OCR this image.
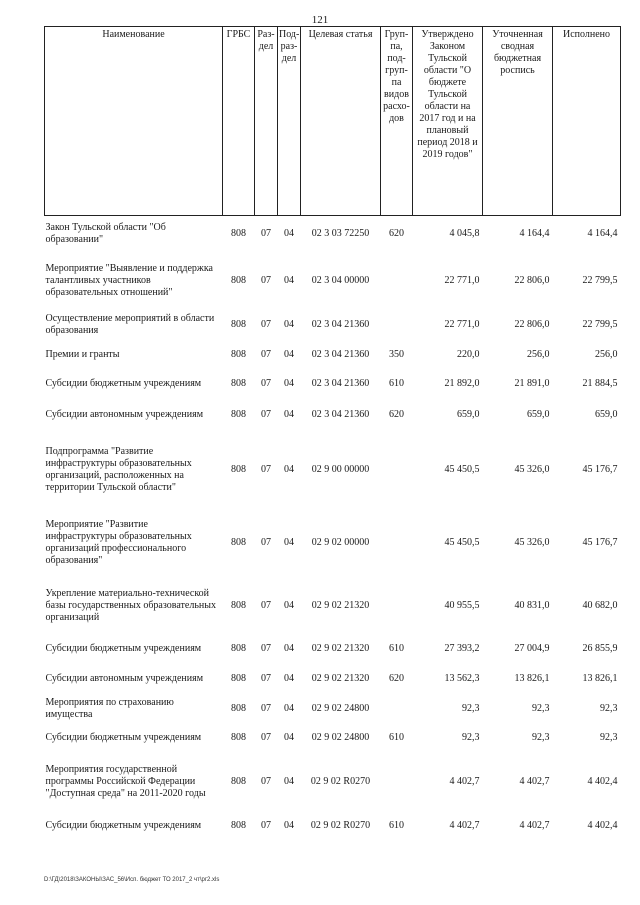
121
Наименование	ГРБС	Раз-дел	Под-раз-дел	Целевая статья	Груп-па, под-груп-па видов расхо-дов	Утверждено Законом Тульской области "О бюджете Тульской области на 2017 год и на плановый период 2018 и 2019 годов"	Уточненная сводная бюджетная роспись	Исполнено
Закон Тульской области "Об образовании"	808	07	04	02 3 03 72250	620	4 045,8	4 164,4	4 164,4
Мероприятие "Выявление и поддержка талантливых участников образовательных отношений"	808	07	04	02 3 04 00000		22 771,0	22 806,0	22 799,5
Осуществление мероприятий в области образования	808	07	04	02 3 04 21360		22 771,0	22 806,0	22 799,5
Премии и гранты	808	07	04	02 3 04 21360	350	220,0	256,0	256,0
Субсидии бюджетным учреждениям	808	07	04	02 3 04 21360	610	21 892,0	21 891,0	21 884,5
Субсидии автономным учреждениям	808	07	04	02 3 04 21360	620	659,0	659,0	659,0
Подпрограмма "Развитие инфраструктуры образовательных организаций, расположенных на территории Тульской области"	808	07	04	02 9 00 00000		45 450,5	45 326,0	45 176,7
Мероприятие "Развитие инфраструктуры образовательных организаций профессионального образования"	808	07	04	02 9 02 00000		45 450,5	45 326,0	45 176,7
Укрепление материально-технической базы государственных образовательных организаций	808	07	04	02 9 02 21320		40 955,5	40 831,0	40 682,0
Субсидии бюджетным учреждениям	808	07	04	02 9 02 21320	610	27 393,2	27 004,9	26 855,9
Субсидии автономным учреждениям	808	07	04	02 9 02 21320	620	13 562,3	13 826,1	13 826,1
Мероприятия по страхованию имущества	808	07	04	02 9 02 24800		92,3	92,3	92,3
Субсидии бюджетным учреждениям	808	07	04	02 9 02 24800	610	92,3	92,3	92,3
Мероприятия государственной программы Российской Федерации "Доступная среда" на 2011-2020 годы	808	07	04	02 9 02 R0270		4 402,7	4 402,7	4 402,4
Субсидии бюджетным учреждениям	808	07	04	02 9 02 R0270	610	4 402,7	4 402,7	4 402,4
D:\ГД\2018\ЗАКОНЫ\ЗАС_56\Исп. бюджет ТО 2017_2 чт\рг2.xls
